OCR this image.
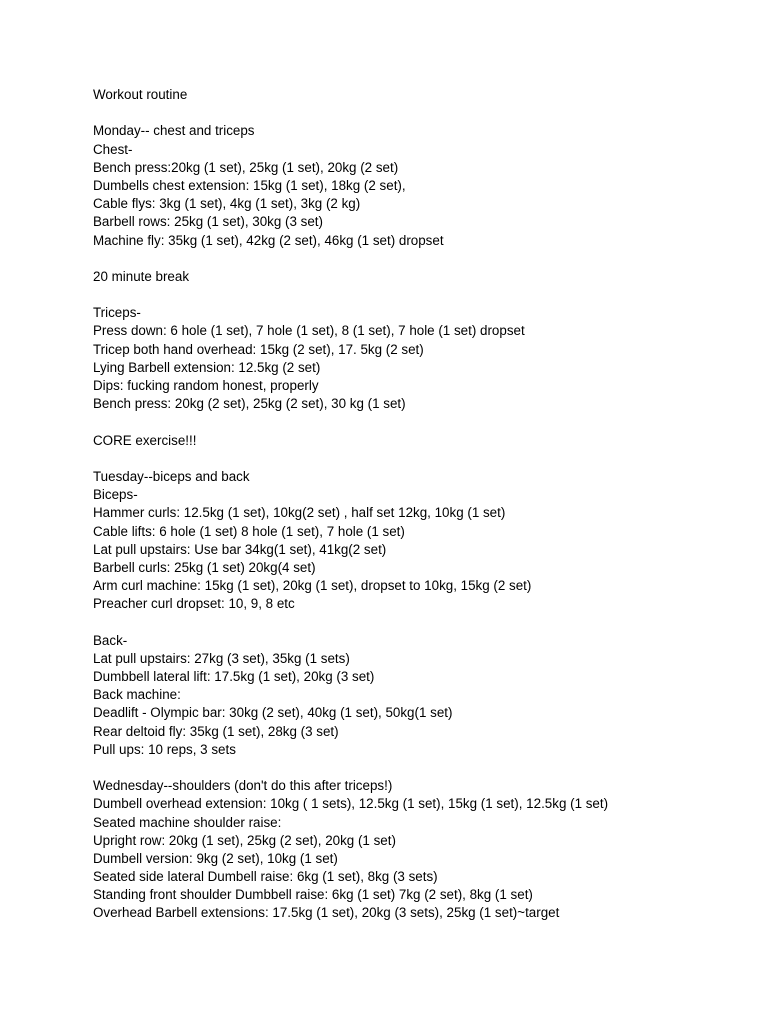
Workout routine
Monday-- chest and triceps
Chest-
Bench press:20kg (1 set), 25kg (1 set), 20kg (2 set)
Dumbells chest extension: 15kg (1 set), 18kg (2 set),
Cable flys: 3kg (1 set), 4kg (1 set), 3kg (2 kg)
Barbell rows: 25kg (1 set), 30kg (3 set)
Machine fly: 35kg (1 set), 42kg (2 set), 46kg (1 set) dropset
20 minute break
Triceps-
Press down: 6 hole (1 set), 7 hole (1 set), 8 (1 set), 7 hole (1 set) dropset
Tricep both hand overhead: 15kg (2 set), 17. 5kg (2 set)
Lying Barbell extension: 12.5kg (2 set)
Dips: fucking random honest, properly
Bench press: 20kg (2 set), 25kg (2 set), 30 kg (1 set)
CORE exercise!!!
Tuesday--biceps and back
Biceps-
Hammer curls: 12.5kg (1 set), 10kg(2 set) , half set 12kg, 10kg (1 set)
Cable lifts: 6 hole (1 set) 8 hole (1 set), 7 hole (1 set)
Lat pull upstairs: Use bar 34kg(1 set), 41kg(2 set)
Barbell curls: 25kg (1 set) 20kg(4 set)
Arm curl machine: 15kg (1 set), 20kg (1 set), dropset to 10kg, 15kg (2 set)
Preacher curl dropset: 10, 9, 8 etc
Back-
Lat pull upstairs: 27kg (3 set), 35kg (1 sets)
Dumbbell lateral lift: 17.5kg (1 set), 20kg (3 set)
Back machine:
Deadlift - Olympic bar: 30kg (2 set), 40kg (1 set), 50kg(1 set)
Rear deltoid fly: 35kg (1 set), 28kg (3 set)
Pull ups: 10 reps, 3 sets
Wednesday--shoulders (don't do this after triceps!)
Dumbell overhead extension: 10kg ( 1 sets), 12.5kg (1 set), 15kg (1 set), 12.5kg (1 set)
Seated machine shoulder raise:
Upright row: 20kg (1 set), 25kg (2 set), 20kg (1 set)
Dumbell version: 9kg (2 set), 10kg (1 set)
Seated side lateral Dumbell raise: 6kg (1 set), 8kg (3 sets)
Standing front shoulder Dumbbell raise: 6kg (1 set) 7kg (2 set), 8kg (1 set)
Overhead Barbell extensions: 17.5kg (1 set), 20kg (3 sets), 25kg (1 set)~target
